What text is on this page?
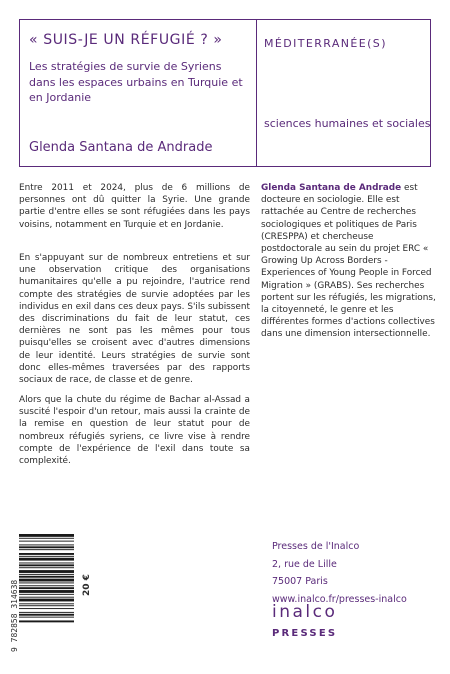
« SUIS-JE UN RÉFUGIÉ ? »
Les stratégies de survie de Syriens dans les espaces urbains en Turquie et en Jordanie
Glenda Santana de Andrade
MÉDITERRANÉE(S)
sciences humaines et sociales
Entre 2011 et 2024, plus de 6 millions de personnes ont dû quitter la Syrie. Une grande partie d'entre elles se sont réfugiées dans les pays voisins, notamment en Turquie et en Jordanie.
En s'appuyant sur de nombreux entretiens et sur une observation critique des organisations humanitaires qu'elle a pu rejoindre, l'autrice rend compte des stratégies de survie adoptées par les individus en exil dans ces deux pays. S'ils subissent des discriminations du fait de leur statut, ces dernières ne sont pas les mêmes pour tous puisqu'elles se croisent avec d'autres dimensions de leur identité. Leurs stratégies de survie sont donc elles-mêmes traversées par des rapports sociaux de race, de classe et de genre.
Alors que la chute du régime de Bachar al-Assad a suscité l'espoir d'un retour, mais aussi la crainte de la remise en question de leur statut pour de nombreux réfugiés syriens, ce livre vise à rendre compte de l'expérience de l'exil dans toute sa complexité.
Glenda Santana de Andrade est docteure en sociologie. Elle est rattachée au Centre de recherches sociologiques et politiques de Paris (CRESPPA) et chercheuse postdoctorale au sein du projet ERC « Growing Up Across Borders - Experiences of Young People in Forced Migration » (GRABS). Ses recherches portent sur les réfugiés, les migrations, la citoyenneté, le genre et les différentes formes d'actions collectives dans une dimension intersectionnelle.
9 782858 314638	20 €
Presses de l'Inalco
2, rue de Lille
75007 Paris
www.inalco.fr/presses-inalco
inalco
PRESSES
